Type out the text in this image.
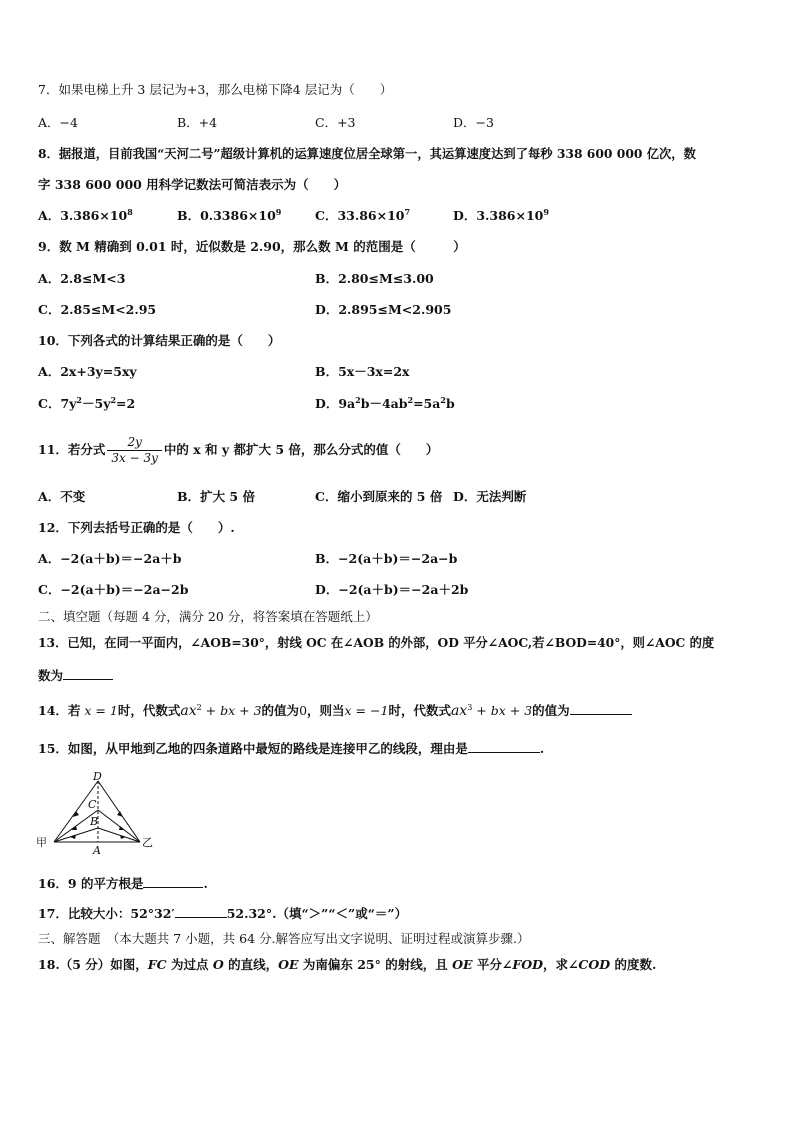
7．如果电梯上升 3 层记为+3，那么电梯下降4 层记为（　　）
A．−4	B．+4	C．+3	D．−3
8．据报道，目前我国“天河二号”超级计算机的运算速度位居全球第一，其运算速度达到了每秒 338 600 000 亿次，数
字 338 600 000 用科学记数法可简洁表示为（　　）
A．$3.386\times 10^8$	B．$0.3386\times 10^9$	C．$33.86\times 10^7$	D．$3.386\times 10^9$
9．数 M 精确到 0.01 时，近似数是 2.90，那么数 M 的范围是（　　　）
A．2.8≤M<3	B．2.80≤M≤3.00
C．2.85≤M<2.95	D．2.895≤M<2.905
10．下列各式的计算结果正确的是（　　）
A．2x+3y=5xy	B．5x－3x=2x
C．$7y^2-5y^2=2$	D．$9a^2b-4ab^2=5a^2b$
11．若分式 $\frac{2y}{3x - 3y}$ 中的 x 和 y 都扩大 5 倍，那么分式的值（　　）
A．不变	B．扩大 5 倍	C．缩小到原来的 5 倍 D．无法判断
12．下列去括号正确的是（　　）.
A．−2(a＋b)＝−2a＋b	B．−2(a＋b)＝−2a−b
C．−2(a＋b)＝−2a−2b	D．−2(a＋b)＝−2a＋2b
二、填空题（每题 4 分，满分 20 分，将答案填在答题纸上）
13．已知，在同一平面内，∠AOB=30°，射线 OC 在∠AOB 的外部，OD 平分∠AOC,若∠BOD=40°，则∠AOC 的度
数为
14．若 x = 1时，代数式$ax^2$ + bx + 3的值为0，则当x = −1时，代数式$ax^3$ + bx + 3的值为
15．如图，从甲地到乙地的四条道路中最短的路线是连接甲乙的线段，理由是	.
甲	乙
D
C
B
A
16．9 的平方根是	.
17．比较大小：52°32′	52.32°.（填“＞”“＜”或“＝”）
三、解答题　（本大题共 7 小题，共 64 分.解答应写出文字说明、证明过程或演算步骤.）
18.（5 分）如图，FC 为过点 O 的直线，OE 为南偏东 25° 的射线，且 OE 平分∠FOD，求∠COD 的度数.
